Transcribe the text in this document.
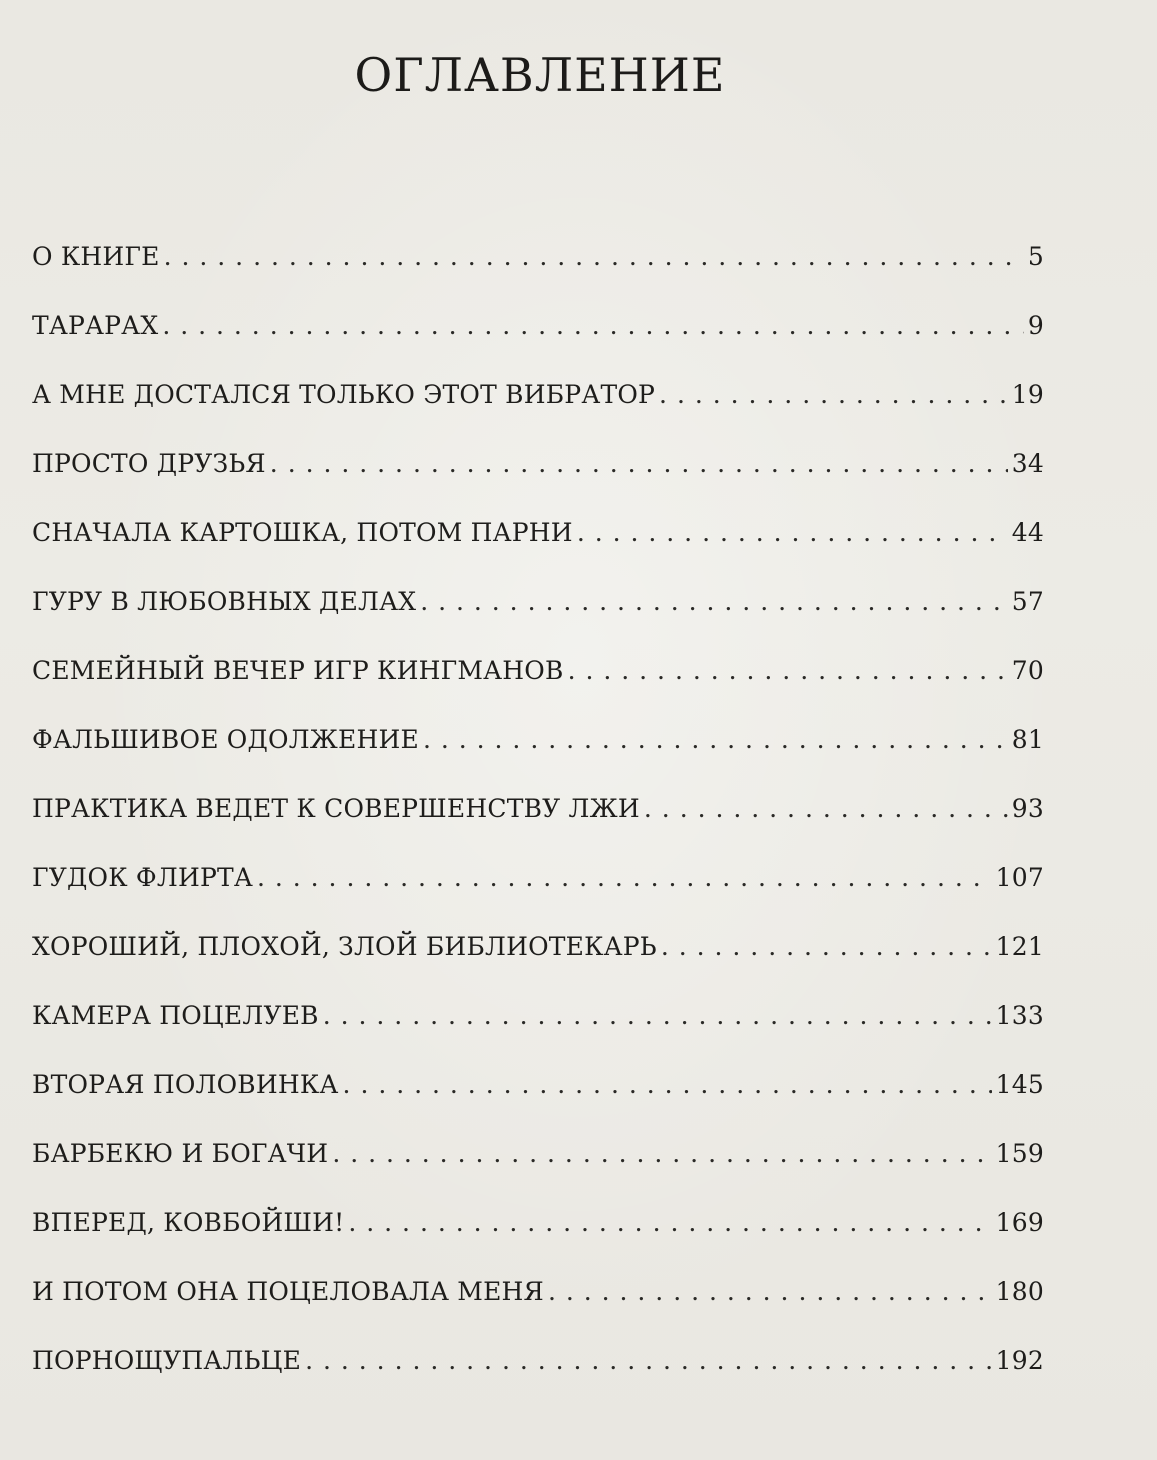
ОГЛАВЛЕНИЕ
О КНИГЕ . . .	5
ТАРАРАХ . . .	9
А МНЕ ДОСТАЛСЯ ТОЛЬКО ЭТОТ ВИБРАТОР . . .	19
ПРОСТО ДРУЗЬЯ . . .	34
СНАЧАЛА КАРТОШКА, ПОТОМ ПАРНИ . . .	44
ГУРУ В ЛЮБОВНЫХ ДЕЛАХ . . .	57
СЕМЕЙНЫЙ ВЕЧЕР ИГР КИНГМАНОВ . . .	70
ФАЛЬШИВОЕ ОДОЛЖЕНИЕ . . .	81
ПРАКТИКА ВЕДЕТ К СОВЕРШЕНСТВУ ЛЖИ . . .	93
ГУДОК ФЛИРТА . . .	107
ХОРОШИЙ, ПЛОХОЙ, ЗЛОЙ БИБЛИОТЕКАРЬ . . .	121
КАМЕРА ПОЦЕЛУЕВ . . .	133
ВТОРАЯ ПОЛОВИНКА . . .	145
БАРБЕКЮ И БОГАЧИ . . .	159
ВПЕРЕД, КОВБОЙШИ! . . .	169
И ПОТОМ ОНА ПОЦЕЛОВАЛА МЕНЯ . . .	180
ПОРНОЩУПАЛЬЦЕ . . .	192
